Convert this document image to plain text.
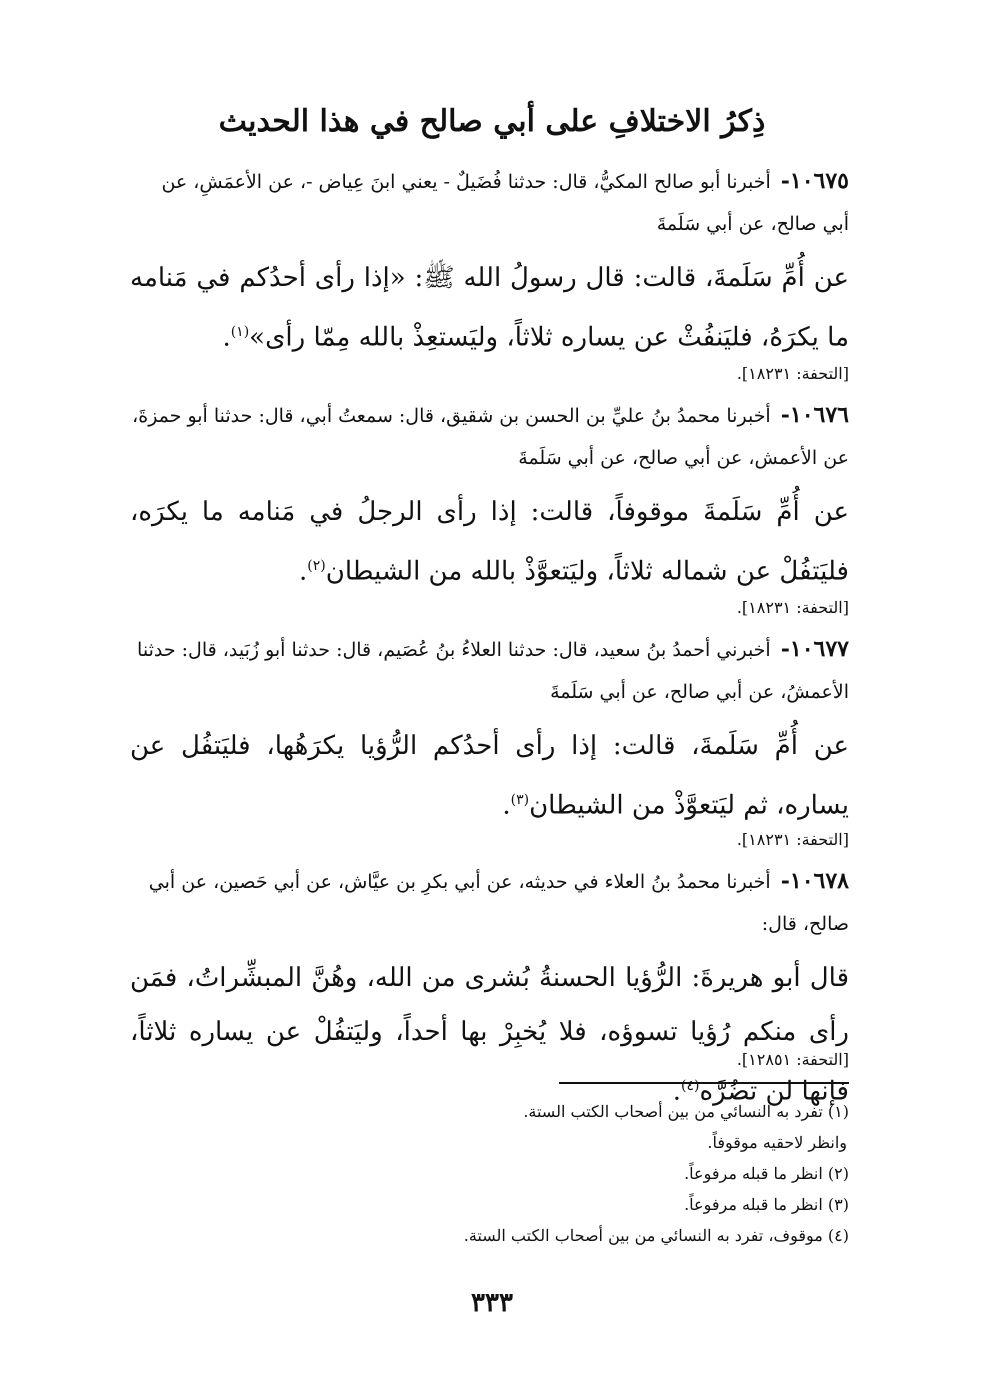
ذِكرُ الاختلافِ على أبي صالح في هذا الحديث
١٠٦٧٥- أخبرنا أبو صالح المكيُّ، قال: حدثنا فُضَيلٌ - يعني ابنَ عِياض -، عن الأعمَشِ، عن أبي صالح، عن أبي سَلَمةَ
عن أُمِّ سَلَمةَ، قالت: قال رسولُ الله ﷺ: «إذا رأى أحدُكم في مَنامه ما يكرَهُ، فليَنفُثْ عن يساره ثلاثاً، وليَستعِذْ بالله مِمّا رأى»$^{(١)}$.
[التحفة: ١٨٢٣١].
١٠٦٧٦- أخبرنا محمدُ بنُ عليِّ بن الحسن بن شقيق، قال: سمعتُ أبي، قال: حدثنا أبو حمزةَ، عن الأعمش، عن أبي صالح، عن أبي سَلَمةَ
عن أُمِّ سَلَمةَ موقوفاً، قالت: إذا رأى الرجلُ في مَنامه ما يكرَه، فليَتفُلْ عن شماله ثلاثاً، وليَتعوَّذْ بالله من الشيطان$^{(٢)}$.
[التحفة: ١٨٢٣١].
١٠٦٧٧- أخبرني أحمدُ بنُ سعيد، قال: حدثنا العلاءُ بنُ عُصَيم، قال: حدثنا أبو زُبَيد، قال: حدثنا الأعمشُ، عن أبي صالح، عن أبي سَلَمةَ
عن أُمِّ سَلَمةَ، قالت: إذا رأى أحدُكم الرُّؤيا يكرَهُها، فليَتفُل عن يساره، ثم ليَتعوَّذْ من الشيطان$^{(٣)}$.
[التحفة: ١٨٢٣١].
١٠٦٧٨- أخبرنا محمدُ بنُ العلاء في حديثه، عن أبي بكرِ بن عيَّاش، عن أبي حَصين، عن أبي صالح، قال:
قال أبو هريرةَ: الرُّؤيا الحسنةُ بُشرى من الله، وهُنَّ المبشِّراتُ، فمَن رأى منكم رُؤيا تسوؤه، فلا يُخبِرْ بها أحداً، وليَتفُلْ عن يساره ثلاثاً، فإنها لن تضُرَّه$^{(٤)}$.
[التحفة: ١٢٨٥١].
(١) تفرد به النسائي من بين أصحاب الكتب الستة.
وانظر لاحقيه موقوفاً.
(٢) انظر ما قبله مرفوعاً.
(٣) انظر ما قبله مرفوعاً.
(٤) موقوف، تفرد به النسائي من بين أصحاب الكتب الستة.
٣٣٣
